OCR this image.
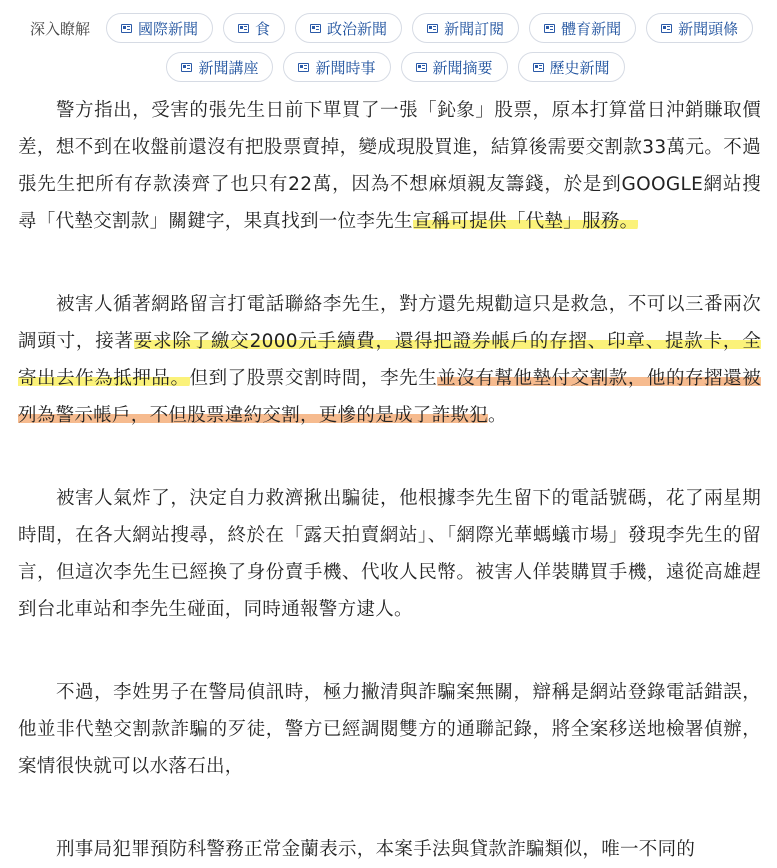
深入瞭解	國際新聞	食	政治新聞	新聞訂閱	體育新聞	新聞頭條
新聞講座	新聞時事	新聞摘要	歷史新聞

警方指出，受害的張先生日前下單買了一張「鈊象」股票，原本打算當日沖銷賺取價差，想不到在收盤前還沒有把股票賣掉，變成現股買進，結算後需要交割款33萬元。不過張先生把所有存款湊齊了也只有22萬，因為不想麻煩親友籌錢，於是到GOOGLE網站搜尋「代墊交割款」關鍵字，果真找到一位李先生宣稱可提供「代墊」服務。

被害人循著網路留言打電話聯絡李先生，對方還先規勸這只是救急，不可以三番兩次調頭寸，接著要求除了繳交2000元手續費，還得把證券帳戶的存摺、印章、提款卡，全寄出去作為抵押品。但到了股票交割時間，李先生並沒有幫他墊付交割款，他的存摺還被列為警示帳戶，不但股票違約交割，更慘的是成了詐欺犯。

被害人氣炸了，決定自力救濟揪出騙徒，他根據李先生留下的電話號碼，花了兩星期時間，在各大網站搜尋，終於在「露天拍賣網站」、「網際光華螞蟻市場」發現李先生的留言，但這次李先生已經換了身份賣手機、代收人民幣。被害人佯裝購買手機，遠從高雄趕到台北車站和李先生碰面，同時通報警方逮人。

不過，李姓男子在警局偵訊時，極力撇清與詐騙案無關，辯稱是網站登錄電話錯誤，他並非代墊交割款詐騙的歹徒，警方已經調閱雙方的通聯記錄，將全案移送地檢署偵辦，案情很快就可以水落石出，

刑事局犯罪預防科警務正常金蘭表示，本案手法與貸款詐騙類似，唯一不同的
